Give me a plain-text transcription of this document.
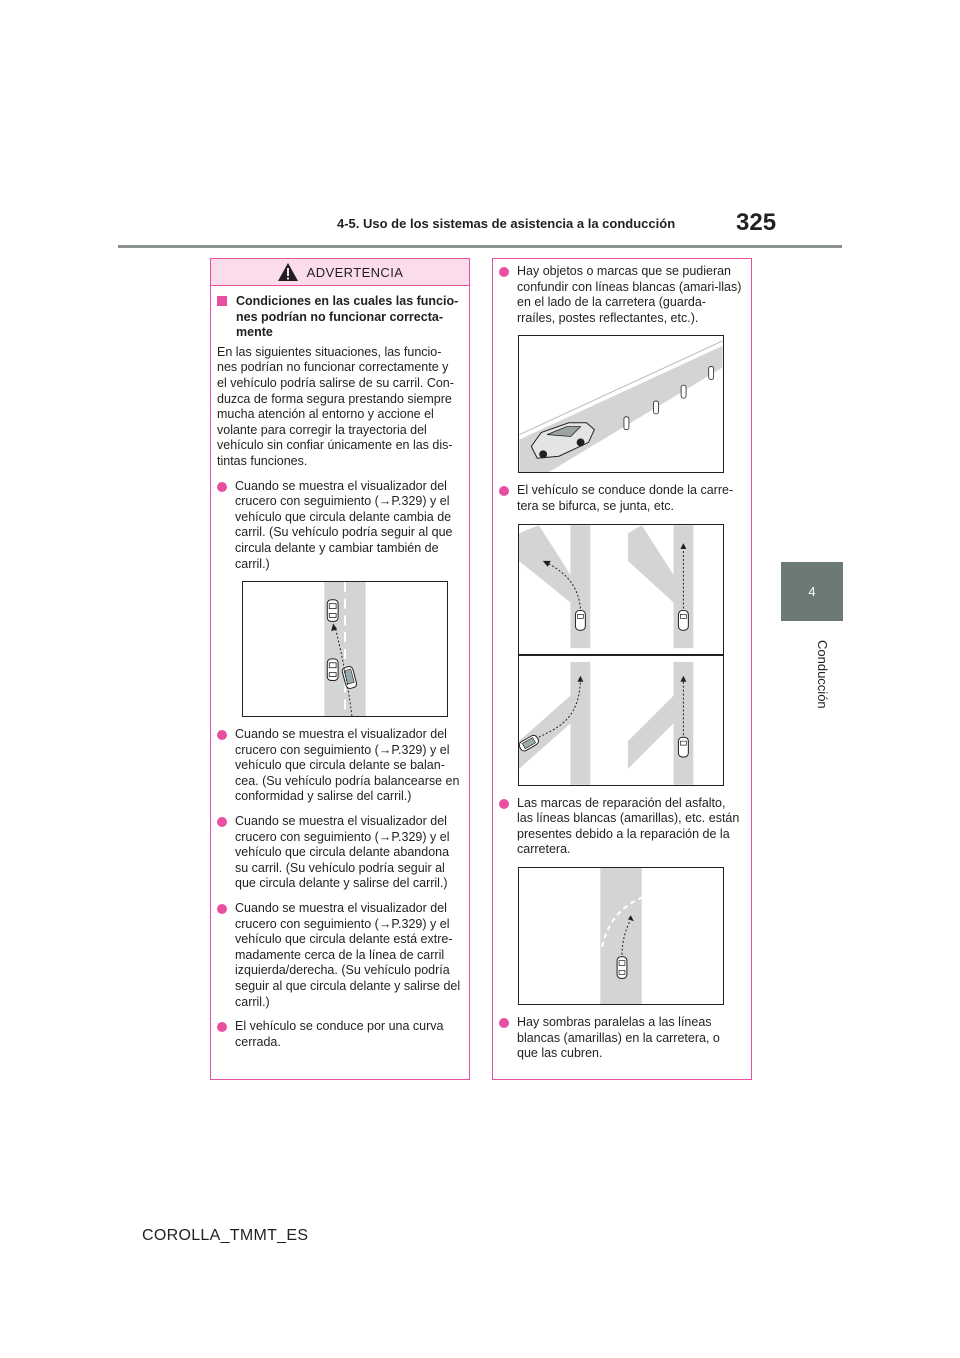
4-5. Uso de los sistemas de asistencia a la conducción	325
4
Conducción
ADVERTENCIA
Condiciones en las cuales las funcio-nes podrían no funcionar correcta-mente
En las siguientes situaciones, las funcio-nes podrían no funcionar correctamente y el vehículo podría salirse de su carril. Con-duzca de forma segura prestando siempre mucha atención al entorno y accione el volante para corregir la trayectoria del vehículo sin confiar únicamente en las dis-tintas funciones.
Cuando se muestra el visualizador del crucero con seguimiento (→P.329) y el vehículo que circula delante cambia de carril. (Su vehículo podría seguir al que circula delante y cambiar también de carril.)
Cuando se muestra el visualizador del crucero con seguimiento (→P.329) y el vehículo que circula delante se balan-cea. (Su vehículo podría balancearse en conformidad y salirse del carril.)
Cuando se muestra el visualizador del crucero con seguimiento (→P.329) y el vehículo que circula delante abandona su carril. (Su vehículo podría seguir al que circula delante y salirse del carril.)
Cuando se muestra el visualizador del crucero con seguimiento (→P.329) y el vehículo que circula delante está extre-madamente cerca de la línea de carril izquierda/derecha. (Su vehículo podría seguir al que circula delante y salirse del carril.)
El vehículo se conduce por una curva cerrada.
Hay objetos o marcas que se pudieran confundir con líneas blancas (amari-llas) en el lado de la carretera (guarda-rraíles, postes reflectantes, etc.).
El vehículo se conduce donde la carre-tera se bifurca, se junta, etc.
Las marcas de reparación del asfalto, las líneas blancas (amarillas), etc. están presentes debido a la reparación de la carretera.
Hay sombras paralelas a las líneas blancas (amarillas) en la carretera, o que las cubren.
COROLLA_TMMT_ES
